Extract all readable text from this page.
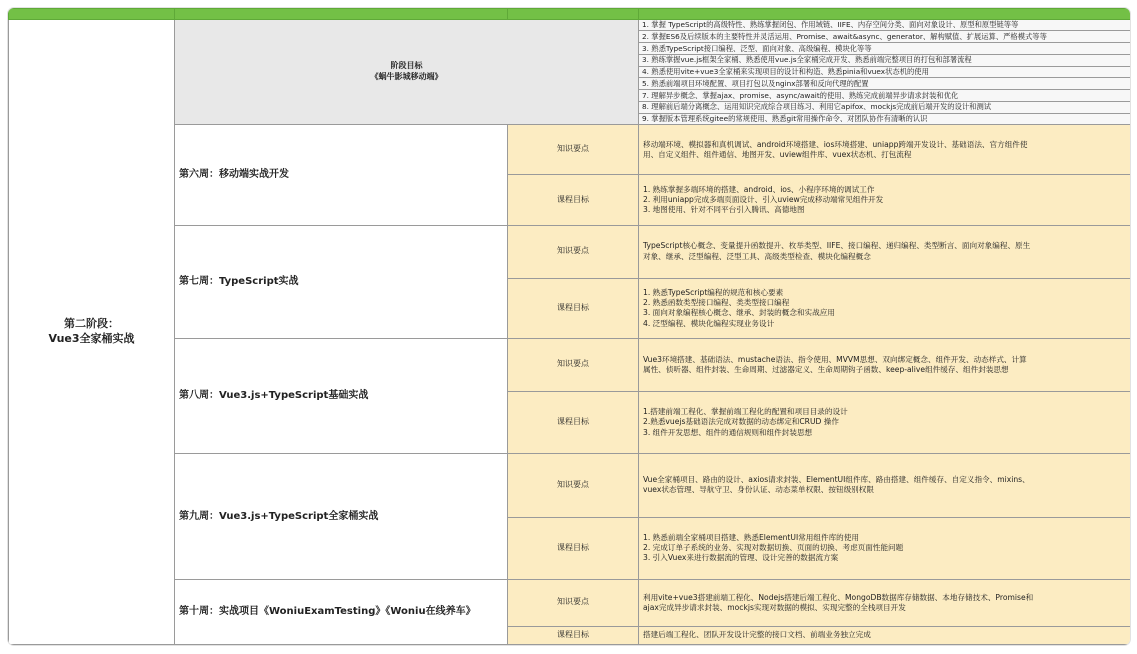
第二阶段：
Vue3全家桶实战	阶段目标
《蜗牛影城移动端》		1. 掌握 TypeScript的高级特性、熟练掌握闭包、作用域链、IIFE、内存空间分类、面向对象设计、原型和原型链等等
			2. 掌握ES6及后续版本的主要特性并灵活运用、Promise、await&async、generator、解构赋值、扩展运算、严格模式等等
			3. 熟悉TypeScript接口编程、泛型、面向对象、高级编程、模块化等等
			3. 熟练掌握vue.js框架全家桶、熟悉使用vue.js全家桶完成开发、熟悉前端完整项目的打包和部署流程
			4. 熟悉使用vite+vue3全家桶来实现项目的设计和构造、熟悉pinia和vuex状态机的使用
			5. 熟悉前端项目环境配置、项目打包以及nginx部署和反向代理的配置
			7. 理解异步概念、掌握ajax、promise、async/await的使用、熟练完成前端异步请求封装和优化
			8. 理解前后端分离概念、运用知识完成综合项目练习、利用它apifox、mockjs完成前后端开发的设计和测试
			9. 掌握版本管理系统gitee的常规使用、熟悉git常用操作命令、对团队协作有清晰的认识
	第六周：移动端实战开发	知识要点	移动端环境、模拟器和真机调试、android环境搭建、ios环境搭建、uniapp跨端开发设计、基础语法、官方组件使
用、自定义组件、组件通信、地图开发、uview组件库、vuex状态机、打包流程

		课程目标	1. 熟练掌握多端环境的搭建、android、ios、小程序环境的调试工作
2. 利用uniapp完成多端页面设计、引入uview完成移动端常见组件开发
3. 地图使用、针对不同平台引入腾讯、高德地图

	第七周：TypeScript实战	知识要点	TypeScript核心概念、变量提升函数提升、枚举类型、IIFE、接口编程、递归编程、类型断言、面向对象编程、原生
对象、继承、泛型编程、泛型工具、高级类型检查、模块化编程概念

		课程目标	1. 熟悉TypeScript编程的规范和核心要素
2. 熟悉函数类型接口编程、类类型接口编程
3. 面向对象编程核心概念、继承、封装的概念和实战应用
4. 泛型编程、模块化编程实现业务设计

	第八周：Vue3.js+TypeScript基础实战	知识要点	Vue3环境搭建、基础语法、mustache语法、指令使用、MVVM思想、双向绑定概念、组件开发、动态样式、计算
属性、侦听器、组件封装、生命周期、过滤器定义、生命周期钩子函数、keep-alive组件缓存、组件封装思想

		课程目标	1.搭建前端工程化、掌握前端工程化的配置和项目目录的设计
2.熟悉vuejs基础语法完成对数据的动态绑定和CRUD 操作
3. 组件开发思想、组件的通信规则和组件封装思想

	第九周：Vue3.js+TypeScript全家桶实战	知识要点	Vue全家桶项目、路由的设计、axios请求封装、ElementUI组件库、路由搭建、组件缓存、自定义指令、mixins、
vuex状态管理、导航守卫、身份认证、动态菜单权限、按钮级别权限

		课程目标	1. 熟悉前端全家桶项目搭建、熟悉ElementUI常用组件库的使用
2. 完成订单子系统的业务、实现对数据切换、页面的切换、考虑页面性能问题
3. 引入Vuex来进行数据流的管理、设计完善的数据流方案

	第十周：实战项目《WoniuExamTesting》《Woniu在线养车》	知识要点	利用vite+vue3搭建前端工程化、Nodejs搭建后端工程化、MongoDB数据库存储数据、本地存储技术、Promise和
ajax完成异步请求封装、mockjs实现对数据的模拟、实现完整的全栈项目开发

		课程目标	搭建后端工程化、团队开发设计完整的接口文档、前端业务独立完成
